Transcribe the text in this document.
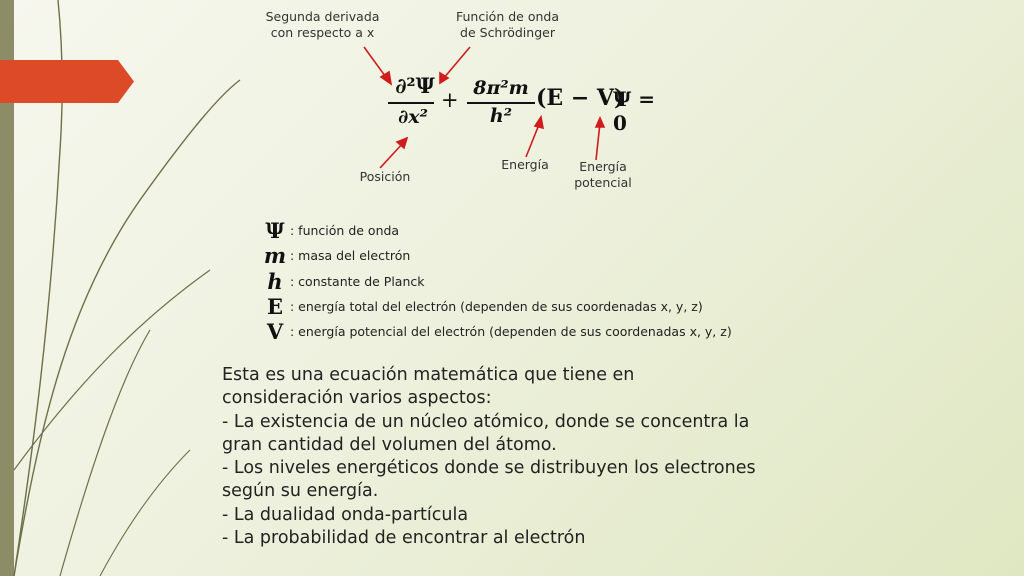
Segunda derivada
con respecto a x
Función de onda
de Schrödinger
∂²Ψ
∂x²
+ 8π²m
h²
(E − V)
Ψ = 0
Posición
Energía	Energía
potencial
Ψ : función de onda
m : masa del electrón
h : constante de Planck
E : energía total del electrón (dependen de sus coordenadas x, y, z)
V : energía potencial del electrón (dependen de sus coordenadas x, y, z)
Esta es una ecuación matemática que tiene en
consideración varios aspectos:
- La existencia de un núcleo atómico, donde se concentra la
gran cantidad del volumen del átomo.
- Los niveles energéticos donde se distribuyen los electrones
según su energía.
- La dualidad onda-partícula
- La probabilidad de encontrar al electrón
